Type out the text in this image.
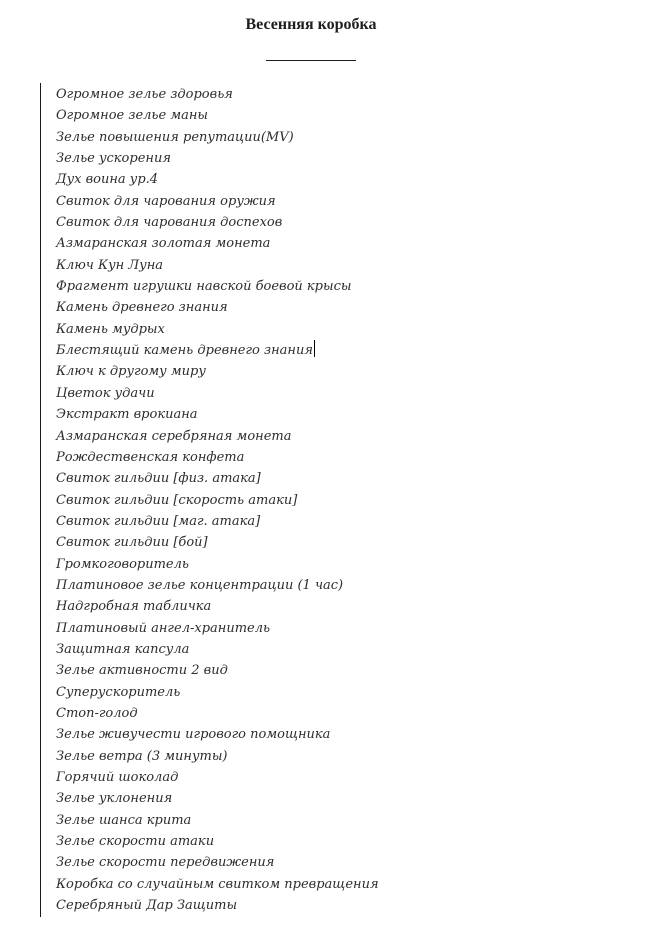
Весенняя коробка
Огромное зелье здоровья
Огромное зелье маны
Зелье повышения репутации(MV)
Зелье ускорения
Дух воина ур.4
Свиток для чарования оружия
Свиток для чарования доспехов
Азмаранская золотая монета
Ключ Кун Луна
Фрагмент игрушки навской боевой крысы
Камень древнего знания
Камень мудрых
Блестящий камень древнего знания
Ключ к другому миру
Цветок удачи
Экстракт врокиана
Азмаранская серебряная монета
Рождественская конфета
Свиток гильдии [физ. атака]
Свиток гильдии [скорость атаки]
Свиток гильдии [маг. атака]
Свиток гильдии [бой]
Громкоговоритель
Платиновое зелье концентрации (1 час)
Надгробная табличка
Платиновый ангел-хранитель
Защитная капсула
Зелье активности 2 вид
Суперускоритель
Стоп-голод
Зелье живучести игрового помощника
Зелье ветра (3 минуты)
Горячий шоколад
Зелье уклонения
Зелье шанса крита
Зелье скорости атаки
Зелье скорости передвижения
Коробка со случайным свитком превращения
Серебряный Дар Защиты
